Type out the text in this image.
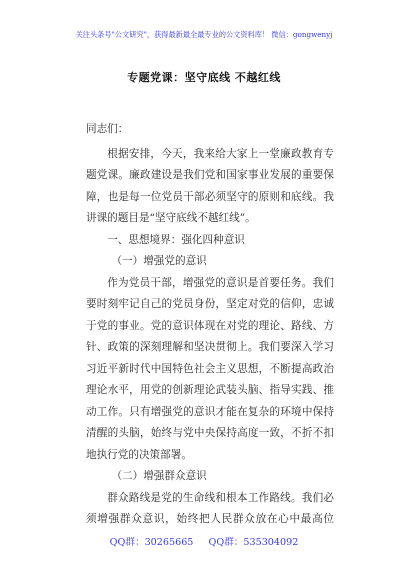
关注头条号"公文研究"，获得最新最全最专业的公文资料库！ 微信：gongwenyj
专题党课：坚守底线 不越红线

同志们：

根据安排，今天，我来给大家上一堂廉政教育专题党课。廉政建设是我们党和国家事业发展的重要保障，也是每一位党员干部必须坚守的原则和底线。我讲课的题目是“坚守底线不越红线”。

一、思想境界：强化四种意识

（一）增强党的意识

作为党员干部，增强党的意识是首要任务。我们要时刻牢记自己的党员身份，坚定对党的信仰，忠诚于党的事业。党的意识体现在对党的理论、路线、方针、政策的深刻理解和坚决贯彻上。我们要深入学习习近平新时代中国特色社会主义思想，不断提高政治理论水平，用党的创新理论武装头脑、指导实践、推动工作。只有增强党的意识才能在复杂的环境中保持清醒的头脑，始终与党中央保持高度一致，不折不扣地执行党的决策部署。

（二）增强群众意识

群众路线是党的生命线和根本工作路线。我们必须增强群众意识，始终把人民群众放在心中最高位

QQ群：30265665 QQ群：535304092
